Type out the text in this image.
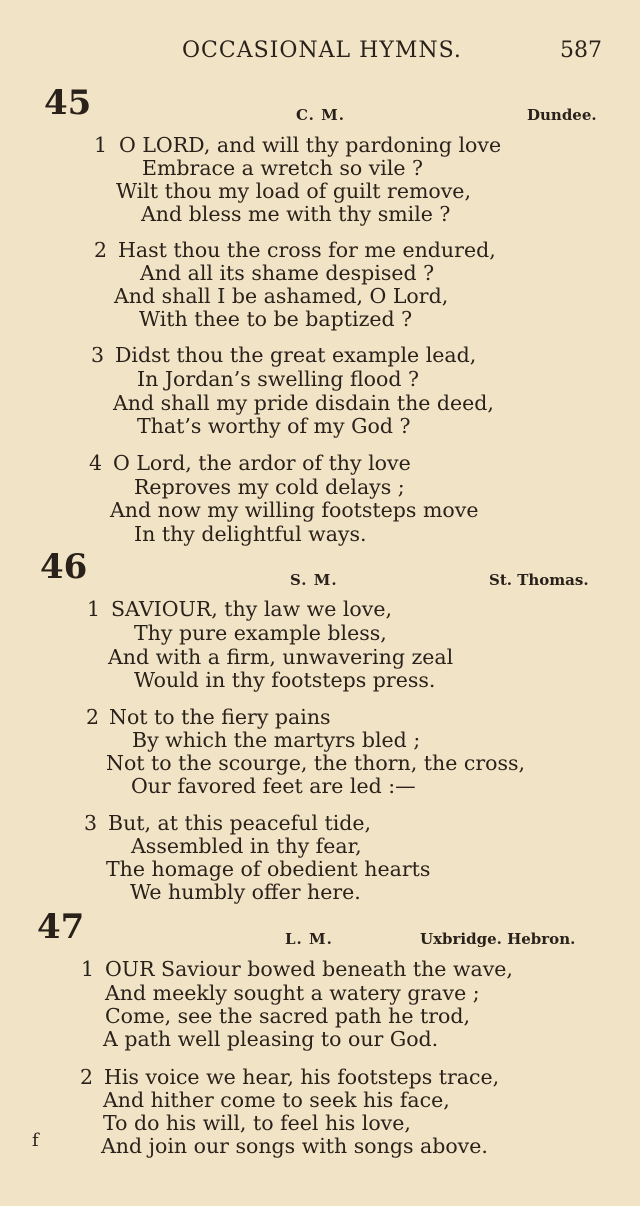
OCCASIONAL HYMNS.	587
45	C. M.	Dundee.
1 O LORD, and will thy pardoning love
Embrace a wretch so vile ?
Wilt thou my load of guilt remove,
And bless me with thy smile ?
2 Hast thou the cross for me endured,
And all its shame despised ?
And shall I be ashamed, O Lord,
With thee to be baptized ?
3 Didst thou the great example lead,
In Jordan’s swelling flood ?
And shall my pride disdain the deed,
That’s worthy of my God ?
4 O Lord, the ardor of thy love
Reproves my cold delays ;
And now my willing footsteps move
In thy delightful ways.
46	S. M.	St. Thomas.
1 SAVIOUR, thy law we love,
Thy pure example bless,
And with a firm, unwavering zeal
Would in thy footsteps press.
2 Not to the fiery pains
By which the martyrs bled ;
Not to the scourge, the thorn, the cross,
Our favored feet are led :—
3 But, at this peaceful tide,
Assembled in thy fear,
The homage of obedient hearts
We humbly offer here.
47	L. M.	Uxbridge. Hebron.
1 OUR Saviour bowed beneath the wave,
And meekly sought a watery grave ;
Come, see the sacred path he trod,
A path well pleasing to our God.
2 His voice we hear, his footsteps trace,
And hither come to seek his face,
To do his will, to feel his love,
And join our songs with songs above.
f
